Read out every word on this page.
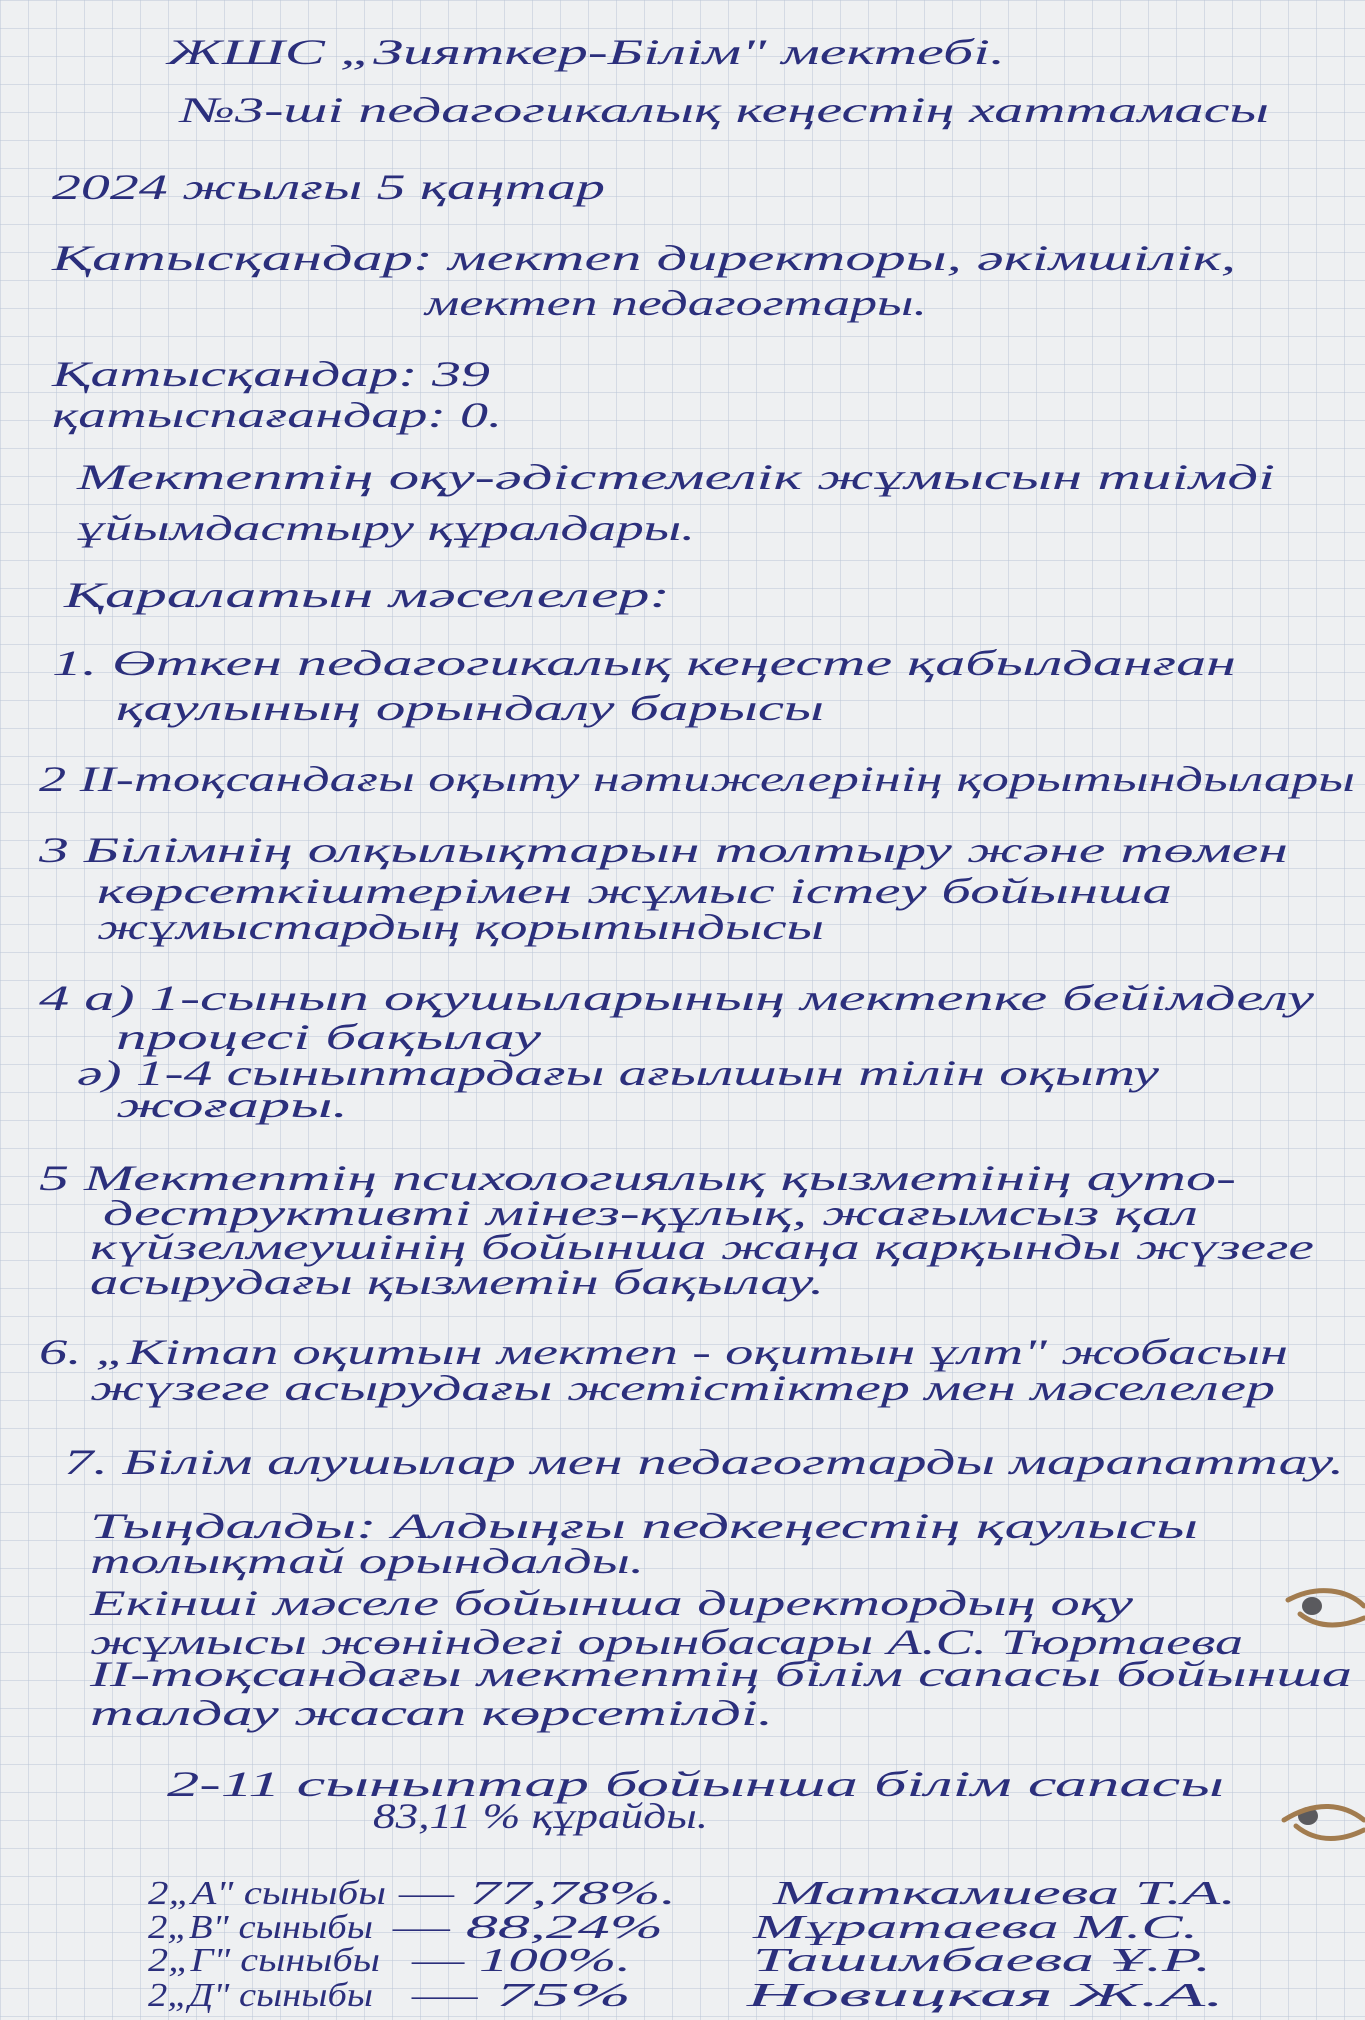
ЖШС „Зияткер-Білім" мектебі.
№3-ші педагогикалық кеңестің хаттамасы
2024 жылғы 5 қаңтар
Қатысқандар: мектеп директоры, әкімшілік,
мектеп педагогтары.
Қатысқандар: 39
қатыспағандар: 0.
Мектептің оқу-әдістемелік жұмысын тиімді
ұйымдастыру құралдары.
Қаралатын мәселелер:
1. Өткен педагогикалық кеңесте қабылданған
қаулының орындалу барысы
2 ІІ-тоқсандағы оқыту нәтижелерінің қорытындылары
3 Білімнің олқылықтарын толтыру және төмен
көрсеткіштерімен жұмыс істеу бойынша
жұмыстардың қорытындысы
4 а) 1-сынып оқушыларының мектепке бейімделу
процесі бақылау
ә) 1-4 сыныптардағы ағылшын тілін оқыту
жоғары.
5 Мектептің психологиялық қызметінің ауто-
деструктивті мінез-құлық, жағымсыз қал
күйзелмеушінің бойынша жаңа қарқынды жүзеге
асырудағы қызметін бақылау.
6. „Кітап оқитын мектеп - оқитын ұлт" жобасын
жүзеге асырудағы жетістіктер мен мәселелер
7. Білім алушылар мен педагогтарды марапаттау.
Тыңдалды: Алдыңғы педкеңестің қаулысы
толықтай орындалды.
Екінші мәселе бойынша директордың оқу
жұмысы жөніндегі орынбасары А.С. Тюртаева
ІІ-тоқсандағы мектептің білім сапасы бойынша
талдау жасап көрсетілді.
2-11 сыныптар бойынша білім сапасы
83,11 % құрайды.
2„А" сыныбы — 77,78%.	Маткамиева Т.А.
2„В" сыныбы — 88,24%	Мұратаева М.С.
2„Г" сыныбы — 100%.	Ташимбаева Ұ.Р.
2„Д" сыныбы — 75%	Новицкая Ж.А.
